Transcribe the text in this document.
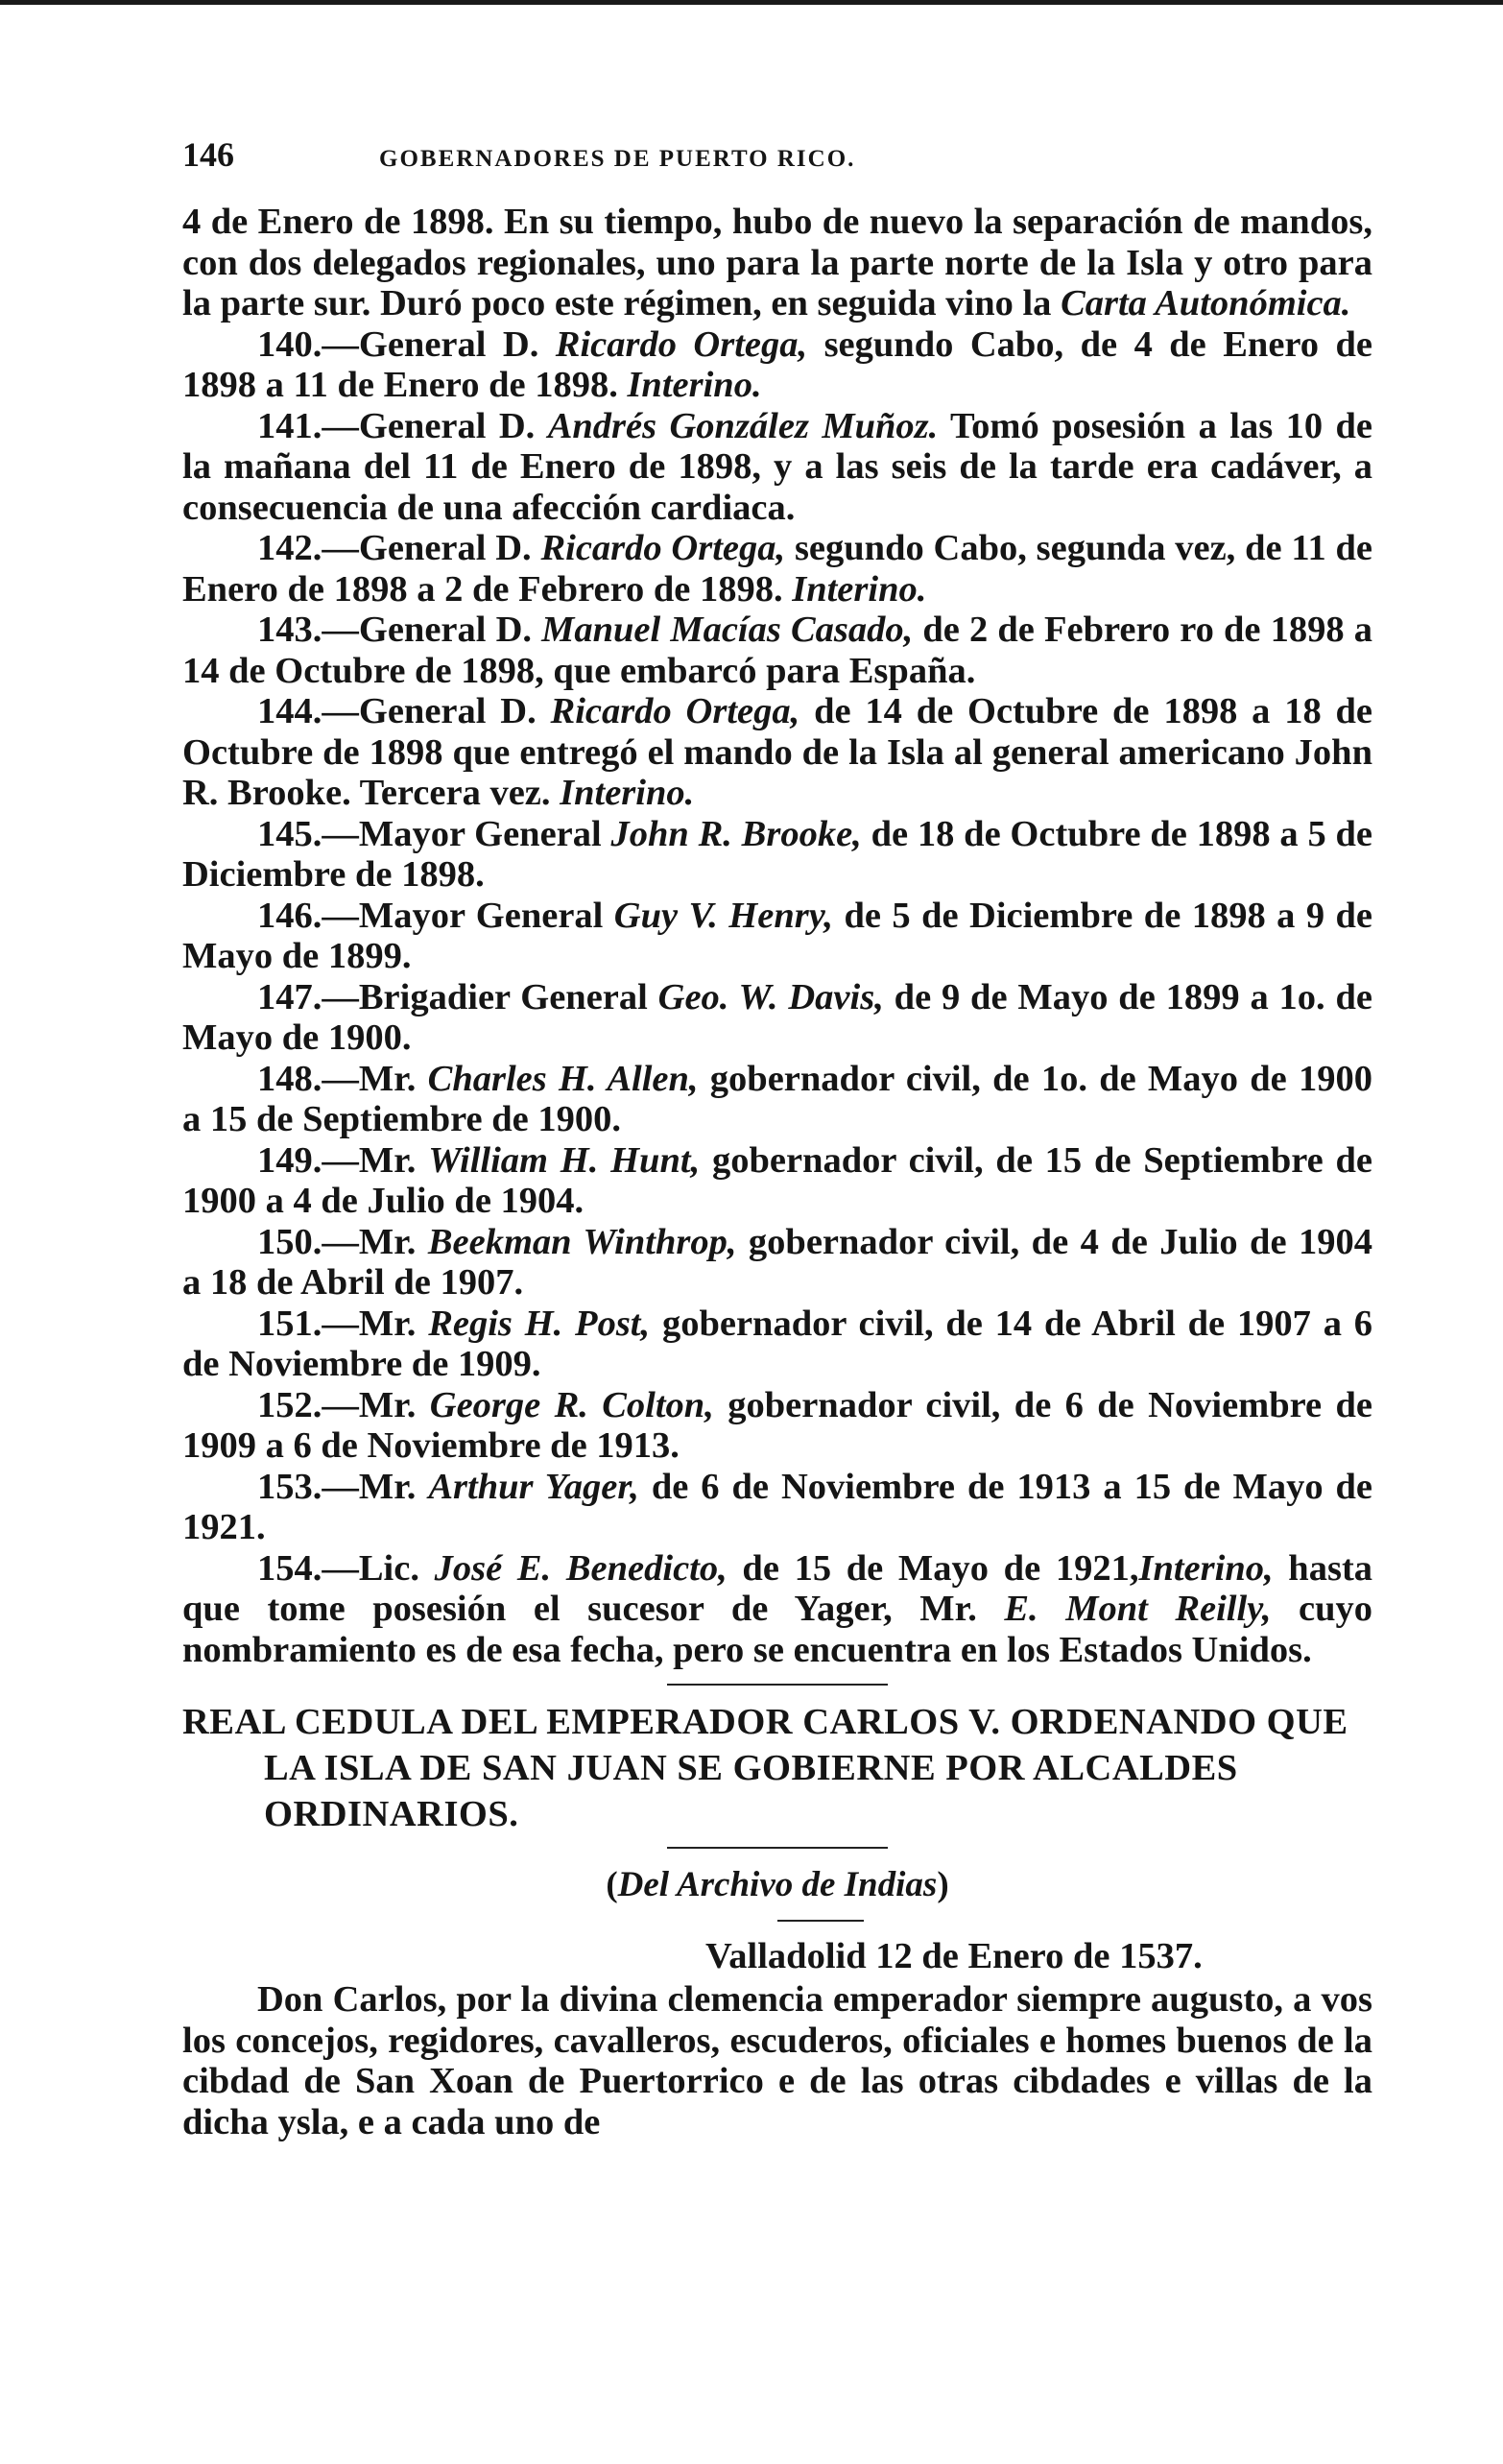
146	GOBERNADORES DE PUERTO RICO.

4 de Enero de 1898. En su tiempo, hubo de nuevo la separación de mandos, con dos delegados regionales, uno para la parte norte de la Isla y otro para la parte sur. Duró poco este régimen, en seguida vino la Carta Autonómica.

140.—General D. Ricardo Ortega, segundo Cabo, de 4 de Enero de 1898 a 11 de Enero de 1898. Interino.

141.—General D. Andrés González Muñoz. Tomó posesión a las 10 de la mañana del 11 de Enero de 1898, y a las seis de la tarde era cadáver, a consecuencia de una afección cardiaca.

142.—General D. Ricardo Ortega, segundo Cabo, segunda vez, de 11 de Enero de 1898 a 2 de Febrero de 1898. Interino.

143.—General D. Manuel Macías Casado, de 2 de Febrero ro de 1898 a 14 de Octubre de 1898, que embarcó para España.

144.—General D. Ricardo Ortega, de 14 de Octubre de 1898 a 18 de Octubre de 1898 que entregó el mando de la Isla al general americano John R. Brooke. Tercera vez. Interino.

145.—Mayor General John R. Brooke, de 18 de Octubre de 1898 a 5 de Diciembre de 1898.

146.—Mayor General Guy V. Henry, de 5 de Diciembre de 1898 a 9 de Mayo de 1899.

147.—Brigadier General Geo. W. Davis, de 9 de Mayo de 1899 a 1o. de Mayo de 1900.

148.—Mr. Charles H. Allen, gobernador civil, de 1o. de Mayo de 1900 a 15 de Septiembre de 1900.

149.—Mr. William H. Hunt, gobernador civil, de 15 de Septiembre de 1900 a 4 de Julio de 1904.

150.—Mr. Beekman Winthrop, gobernador civil, de 4 de Julio de 1904 a 18 de Abril de 1907.

151.—Mr. Regis H. Post, gobernador civil, de 14 de Abril de 1907 a 6 de Noviembre de 1909.

152.—Mr. George R. Colton, gobernador civil, de 6 de Noviembre de 1909 a 6 de Noviembre de 1913.

153.—Mr. Arthur Yager, de 6 de Noviembre de 1913 a 15 de Mayo de 1921.

154.—Lic. José E. Benedicto, de 15 de Mayo de 1921,Interino, hasta que tome posesión el sucesor de Yager, Mr. E. Mont Reilly, cuyo nombramiento es de esa fecha, pero se encuentra en los Estados Unidos.

REAL CEDULA DEL EMPERADOR CARLOS V. ORDENANDO QUE LA ISLA DE SAN JUAN SE GOBIERNE POR ALCALDES ORDINARIOS.

(Del Archivo de Indias)

Valladolid 12 de Enero de 1537.

Don Carlos, por la divina clemencia emperador siempre augusto, a vos los concejos, regidores, cavalleros, escuderos, oficiales e homes buenos de la cibdad de San Xoan de Puertorrico e de las otras cibdades e villas de la dicha ysla, e a cada uno de
